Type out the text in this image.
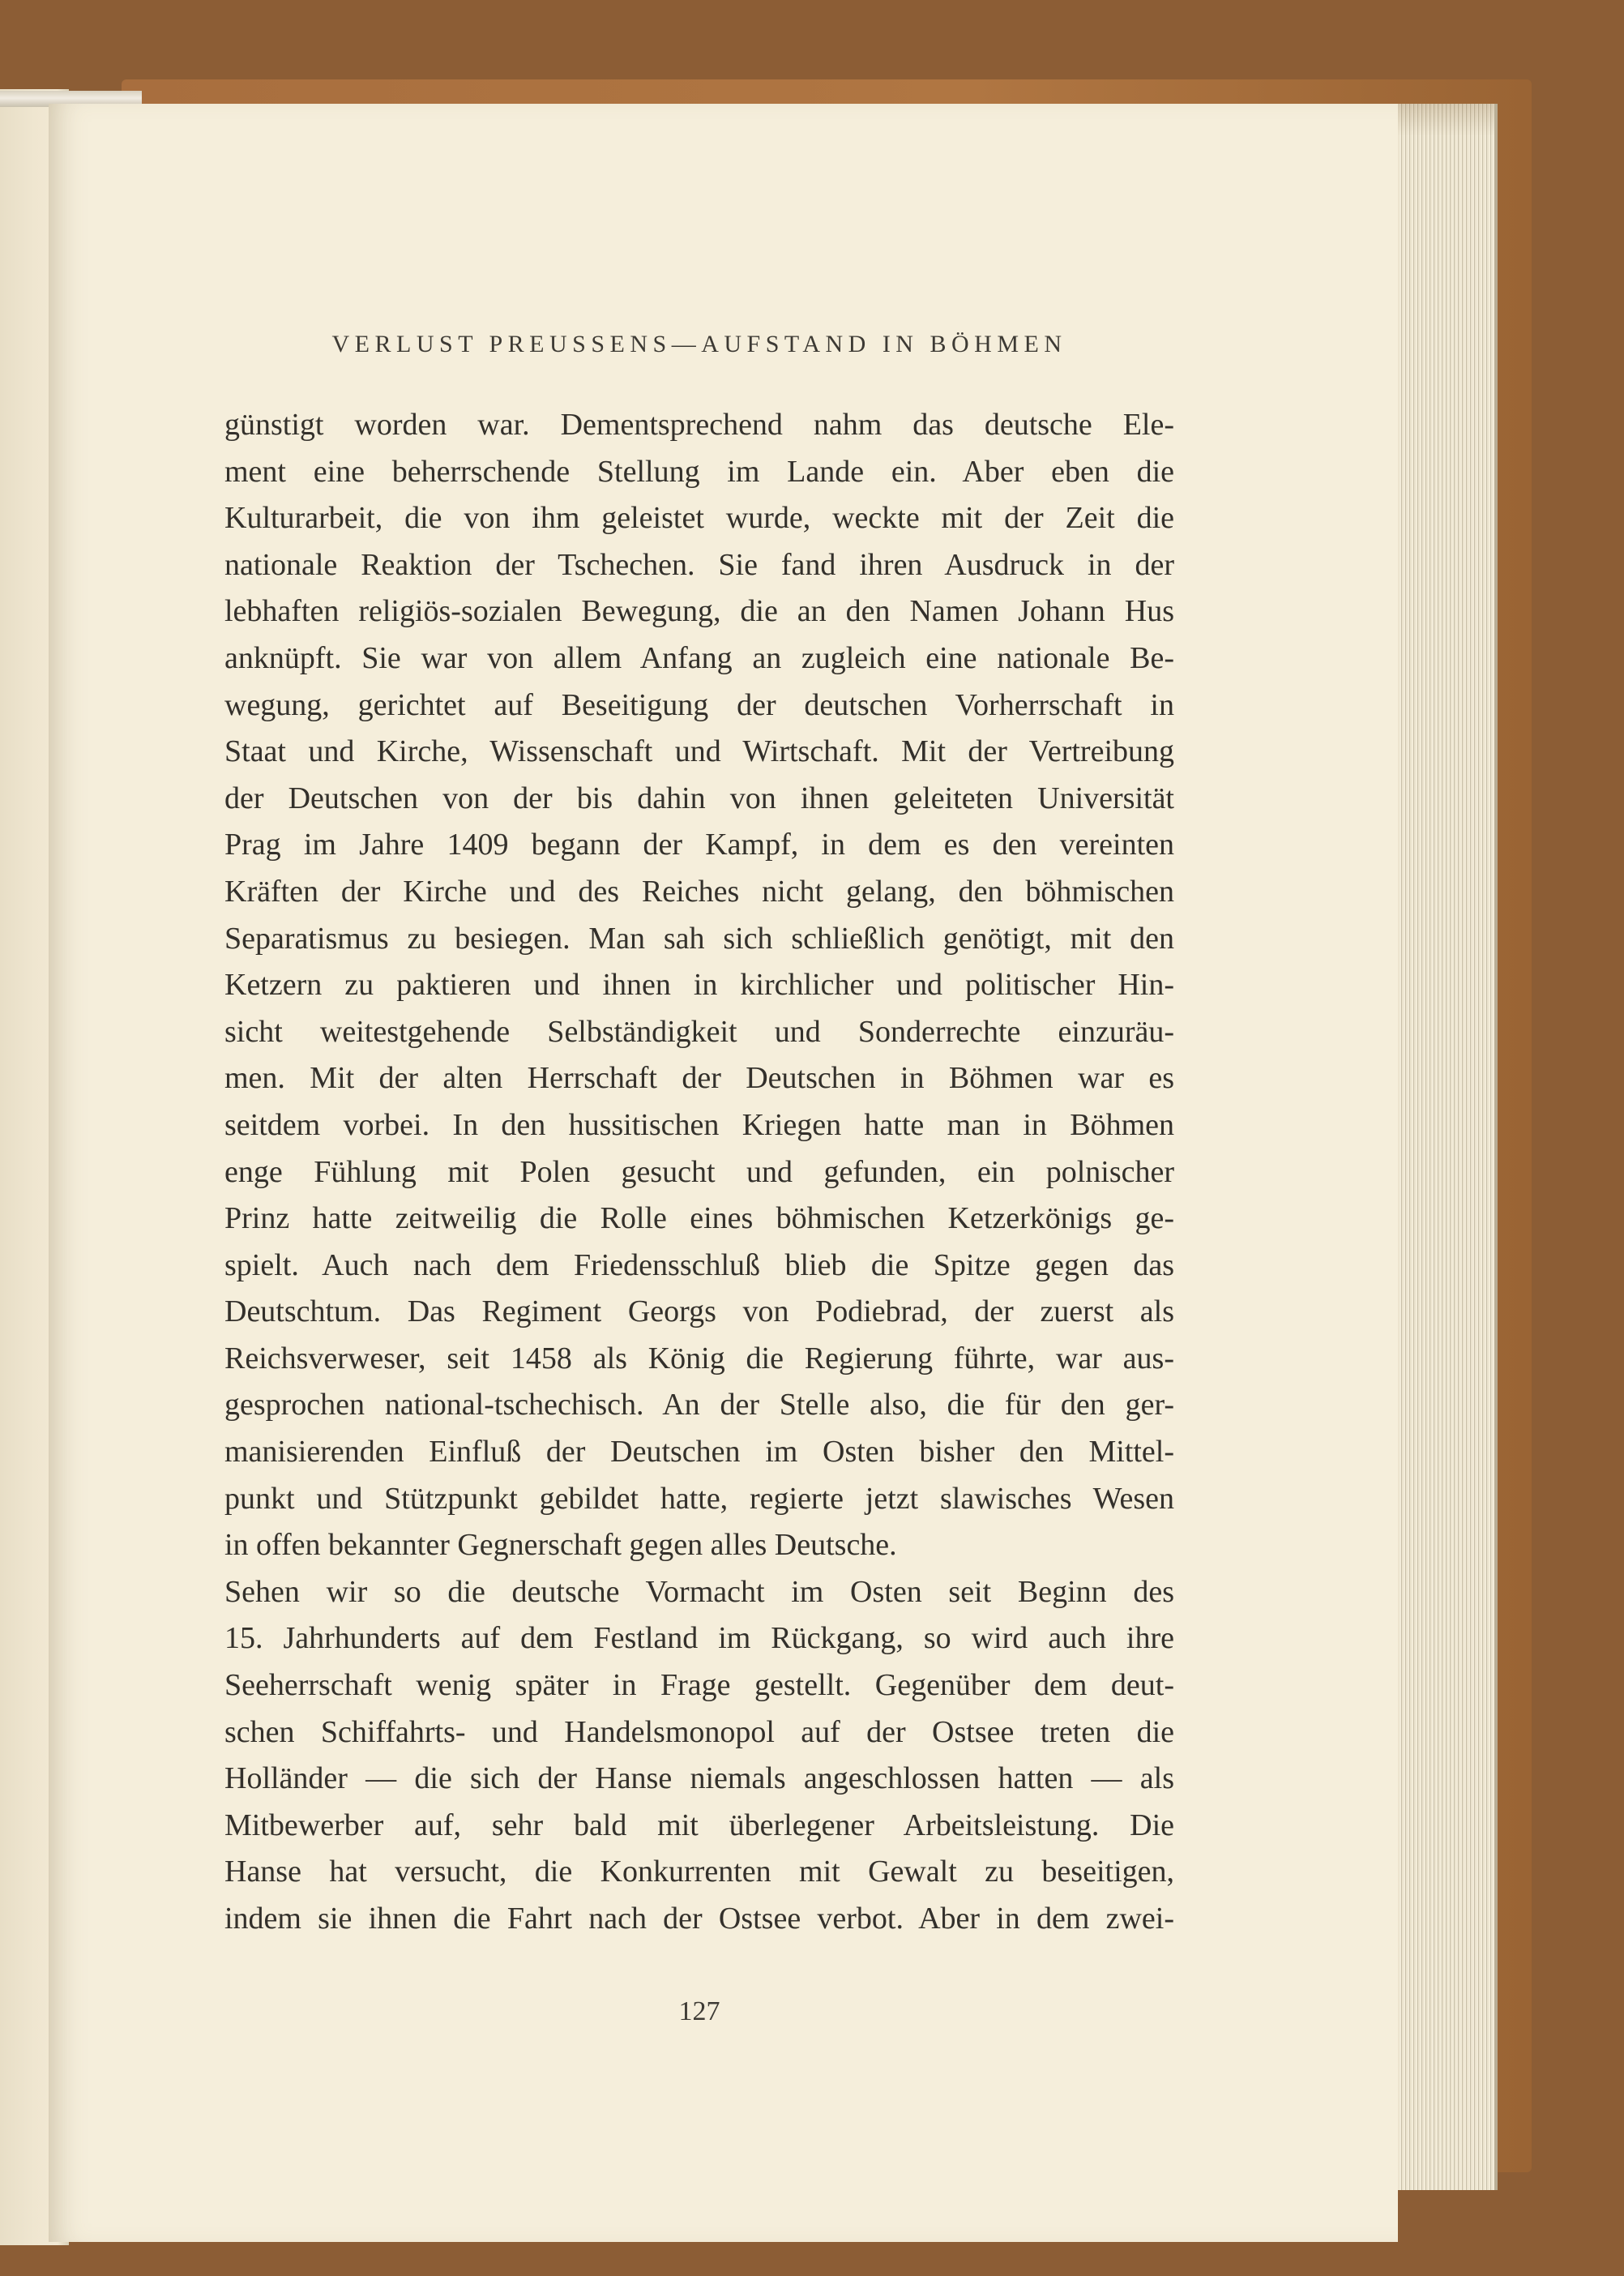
VERLUST PREUSSENS—AUFSTAND IN BÖHMEN
günstigt worden war. Dementsprechend nahm das deutsche Ele-
ment eine beherrschende Stellung im Lande ein. Aber eben die
Kulturarbeit, die von ihm geleistet wurde, weckte mit der Zeit die
nationale Reaktion der Tschechen. Sie fand ihren Ausdruck in der
lebhaften religiös-sozialen Bewegung, die an den Namen Johann Hus
anknüpft. Sie war von allem Anfang an zugleich eine nationale Be-
wegung, gerichtet auf Beseitigung der deutschen Vorherrschaft in
Staat und Kirche, Wissenschaft und Wirtschaft. Mit der Vertreibung
der Deutschen von der bis dahin von ihnen geleiteten Universität
Prag im Jahre 1409 begann der Kampf, in dem es den vereinten
Kräften der Kirche und des Reiches nicht gelang, den böhmischen
Separatismus zu besiegen. Man sah sich schließlich genötigt, mit den
Ketzern zu paktieren und ihnen in kirchlicher und politischer Hin-
sicht weitestgehende Selbständigkeit und Sonderrechte einzuräu-
men. Mit der alten Herrschaft der Deutschen in Böhmen war es
seitdem vorbei. In den hussitischen Kriegen hatte man in Böhmen
enge Fühlung mit Polen gesucht und gefunden, ein polnischer
Prinz hatte zeitweilig die Rolle eines böhmischen Ketzerkönigs ge-
spielt. Auch nach dem Friedensschluß blieb die Spitze gegen das
Deutschtum. Das Regiment Georgs von Podiebrad, der zuerst als
Reichsverweser, seit 1458 als König die Regierung führte, war aus-
gesprochen national-tschechisch. An der Stelle also, die für den ger-
manisierenden Einfluß der Deutschen im Osten bisher den Mittel-
punkt und Stützpunkt gebildet hatte, regierte jetzt slawisches Wesen
in offen bekannter Gegnerschaft gegen alles Deutsche.
Sehen wir so die deutsche Vormacht im Osten seit Beginn des
15. Jahrhunderts auf dem Festland im Rückgang, so wird auch ihre
Seeherrschaft wenig später in Frage gestellt. Gegenüber dem deut-
schen Schiffahrts- und Handelsmonopol auf der Ostsee treten die
Holländer — die sich der Hanse niemals angeschlossen hatten — als
Mitbewerber auf, sehr bald mit überlegener Arbeitsleistung. Die
Hanse hat versucht, die Konkurrenten mit Gewalt zu beseitigen,
indem sie ihnen die Fahrt nach der Ostsee verbot. Aber in dem zwei-
127
